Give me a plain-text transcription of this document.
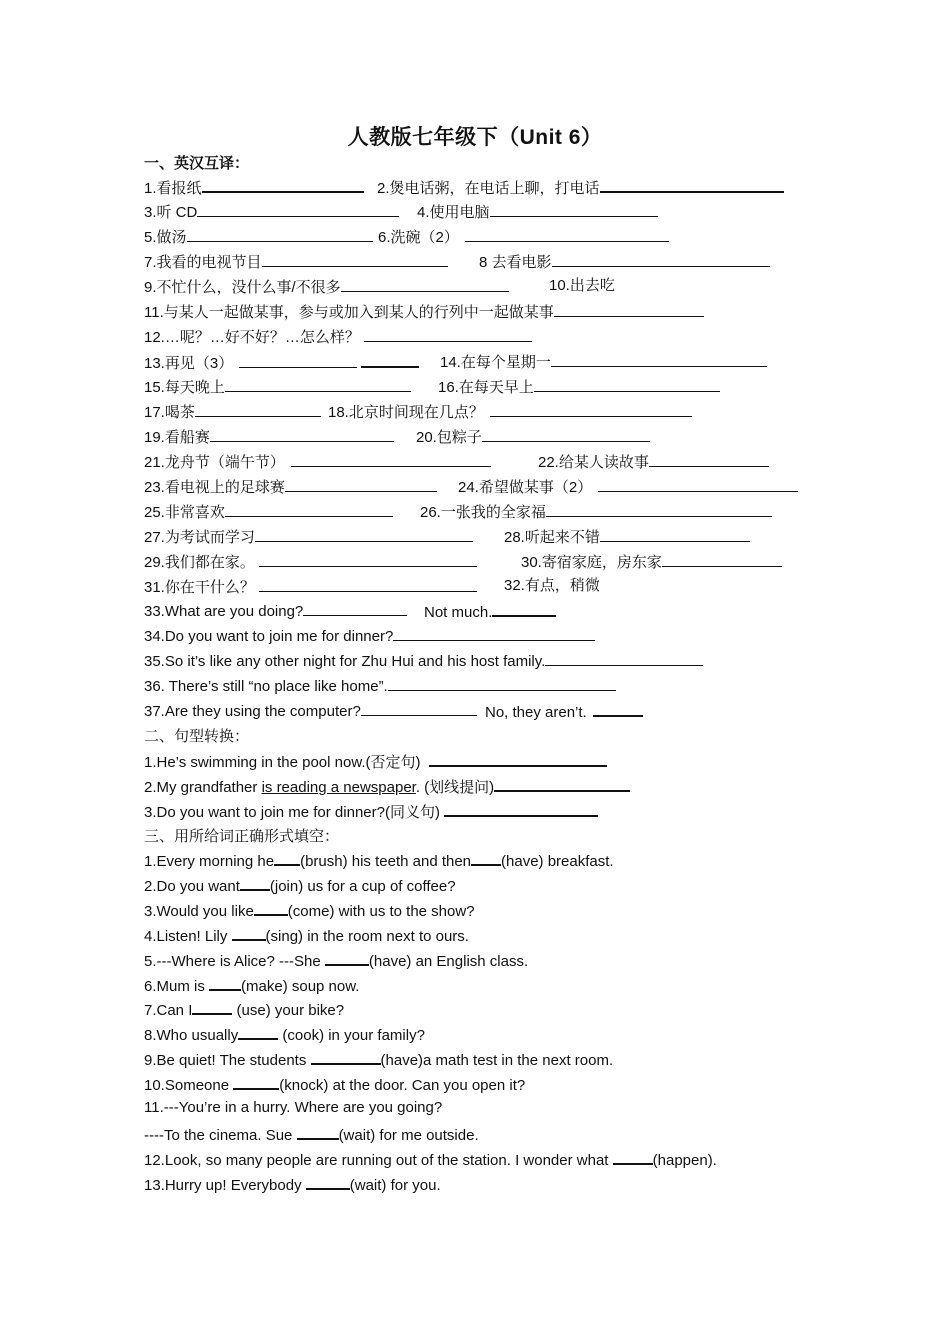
人教版七年级下（Unit 6）
一、英汉互译：
1.看报纸	2.煲电话粥，在电话上聊，打电话
3.听 CD	4.使用电脑
5.做汤	6.洗碗（2）
7.我看的电视节目	8 去看电影
9.不忙什么，没什么事/不很多	10.出去吃
11.与某人一起做某事，参与或加入到某人的行列中一起做某事
12.…呢？…好不好？…怎么样？
13.再见（3）	14.在每个星期一
15.每天晚上	16.在每天早上
17.喝茶	18.北京时间现在几点？
19.看船赛	20.包粽子
21.龙舟节（端午节）	22.给某人读故事
23.看电视上的足球赛	24.希望做某事（2）
25.非常喜欢	26.一张我的全家福
27.为考试而学习	28.听起来不错
29.我们都在家。	30.寄宿家庭，房东家
31.你在干什么？	32.有点，稍微
33.What are you doing?	Not much.
34.Do you want to join me for dinner?
35.So it’s like any other night for Zhu Hui and his host family.
36. There’s still “no place like home”.
37.Are they using the computer?	No, they aren’t.
二、句型转换：
1.He’s swimming in the pool now.(否定句)
2.My grandfather is reading a newspaper. (划线提问)
3.Do you want to join me for dinner?(同义句)
三、用所给词正确形式填空：
1.Every morning he (brush) his teeth and then (have) breakfast.
2.Do you want (join) us for a cup of coffee?
3.Would you like (come) with us to the show?
4.Listen! Lily (sing) in the room next to ours.
5.---Where is Alice? ---She	(have) an English class.
6.Mum is (make) soup now.
7.Can I	(use) your bike?
8.Who usually	(cook) in your family?
9.Be quiet! The students	(have)a math test in the next room.
10.Someone	(knock) at the door. Can you open it?
11.---You’re in a hurry. Where are you going?
----To the cinema. Sue	(wait) for me outside.
12.Look, so many people are running out of the station. I wonder what	(happen).
13.Hurry up! Everybody	(wait) for you.
